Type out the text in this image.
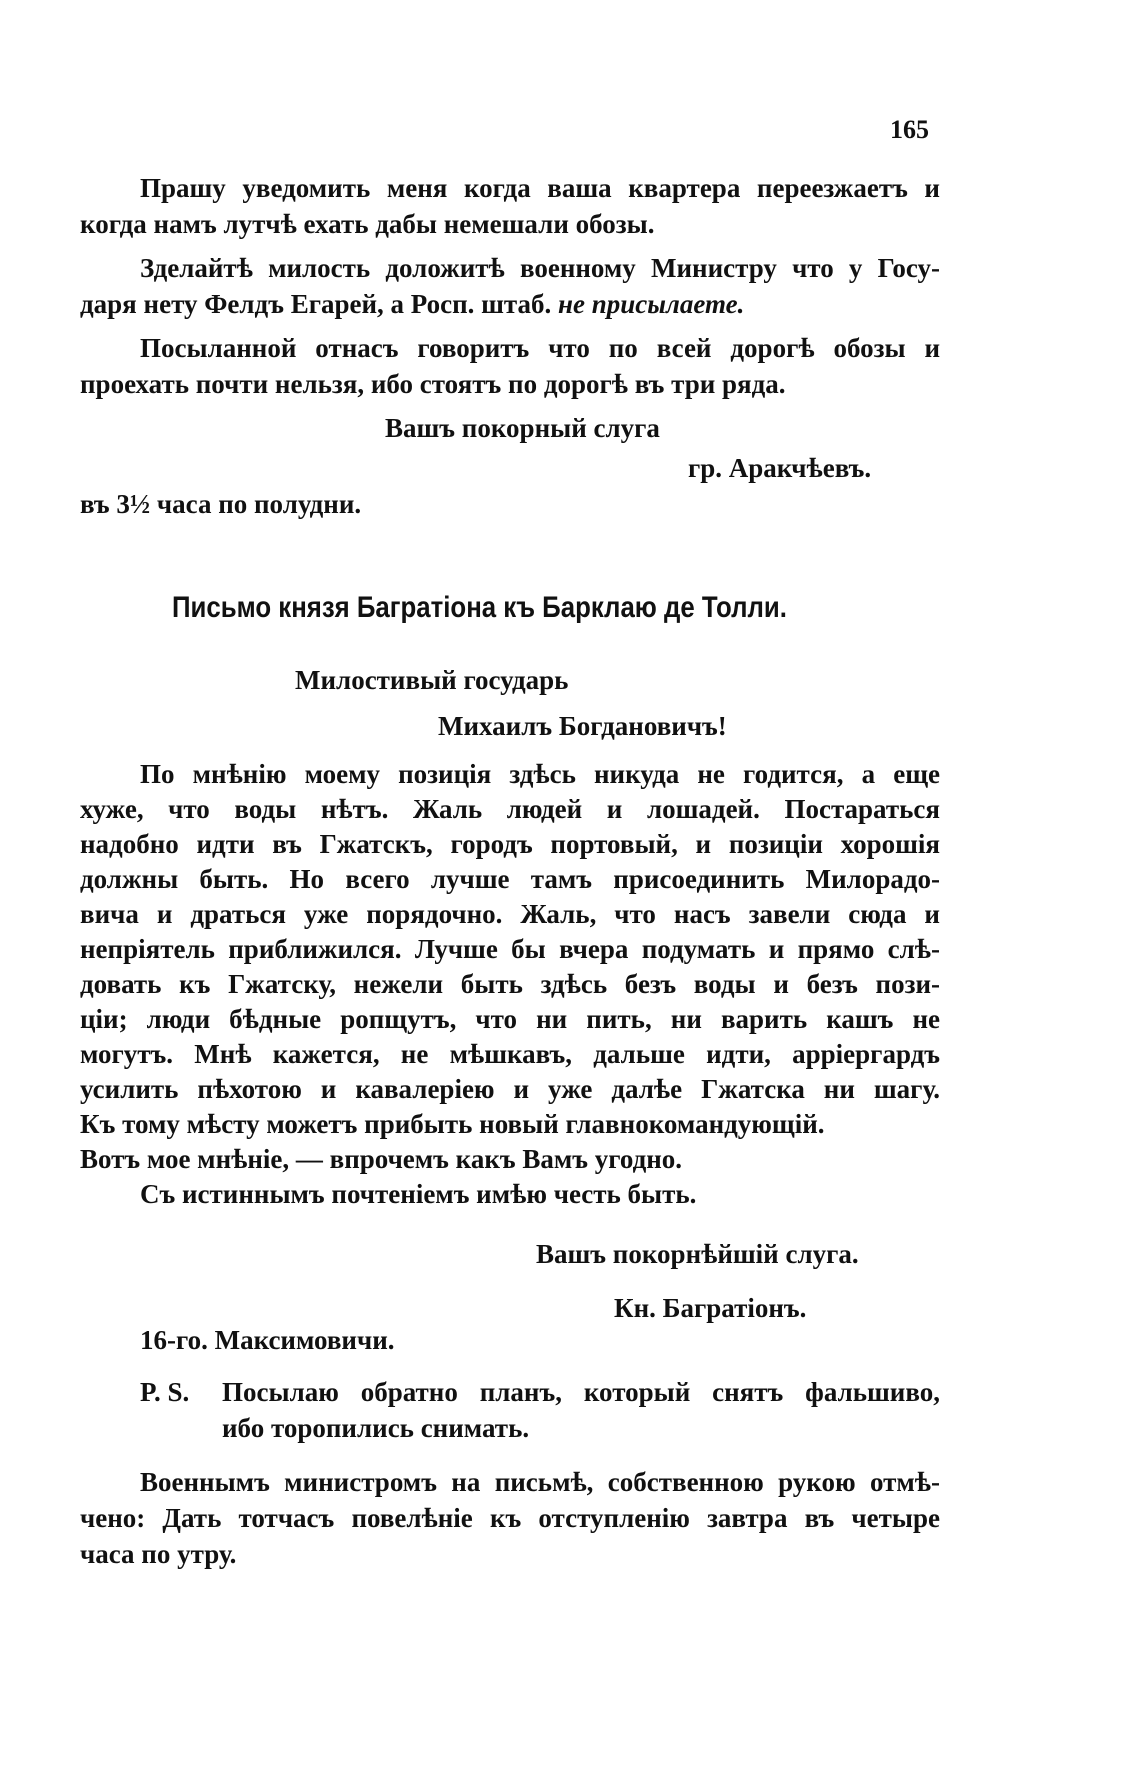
165
Прашу уведомить меня когда ваша квартера переезжаетъ и
когда намъ лутчѣ ехать дабы немешали обозы.
Зделайтѣ милость доложитѣ военному Министру что у Госу-
даря нету Фелдъ Егарей, а Росп. штаб. не присылаете.
Посыланной отнасъ говоритъ что по всей дорогѣ обозы и
проехать почти нельзя, ибо стоятъ по дорогѣ въ три ряда.
Вашъ покорный слуга
гр. Аракчѣевъ.
въ 3½ часа по полудни.
Письмо князя Багратіона къ Барклаю де Толли.
Милостивый государь
Михаилъ Богдановичъ!
По мнѣнію моему позиція здѣсь никуда не годится, а еще
хуже, что воды нѣтъ. Жаль людей и лошадей. Постараться
надобно идти въ Гжатскъ, городъ портовый, и позиціи хорошія
должны быть. Но всего лучше тамъ присоединить Милорадо-
вича и драться уже порядочно. Жаль, что насъ завели сюда и
непріятель приближился. Лучше бы вчера подумать и прямо слѣ-
довать къ Гжатску, нежели быть здѣсь безъ воды и безъ пози-
ціи; люди бѣдные ропщутъ, что ни пить, ни варить кашъ не
могутъ. Мнѣ кажется, не мѣшкавъ, дальше идти, арріергардъ
усилить пѣхотою и кавалеріею и уже далѣе Гжатска ни шагу.
Къ тому мѣсту можетъ прибыть новый главнокомандующій.
Вотъ мое мнѣніе, — впрочемъ какъ Вамъ угодно.
Съ истиннымъ почтеніемъ имѣю честь быть.
Вашъ покорнѣйшій слуга.
Кн. Багратіонъ.
16-го. Максимовичи.
P. S. Посылаю обратно планъ, который снятъ фальшиво,
ибо торопились снимать.
Военнымъ министромъ на письмѣ, собственною рукою отмѣ-
чено: Дать тотчасъ повелѣніе къ отступленію завтра въ четыре
часа по утру.
